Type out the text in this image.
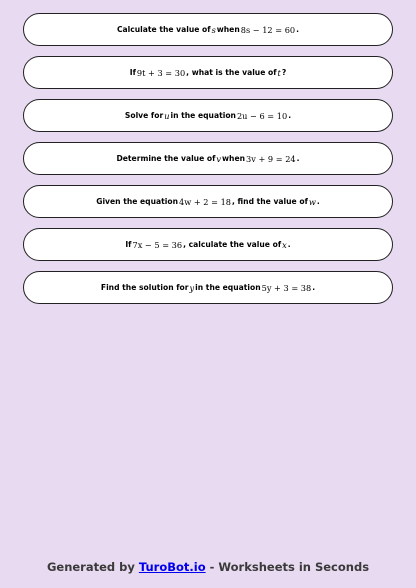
Calculate the value of s when 8s − 12 = 60 .
If 9t + 3 = 30 , what is the value of t ?
Solve for u in the equation 2u − 6 = 10 .
Determine the value of v when 3v + 9 = 24 .
Given the equation 4w + 2 = 18 , find the value of w .
If 7x − 5 = 36 , calculate the value of x .
Find the solution for y in the equation 5y + 3 = 38 .
Generated by TuroBot.io - Worksheets in Seconds
